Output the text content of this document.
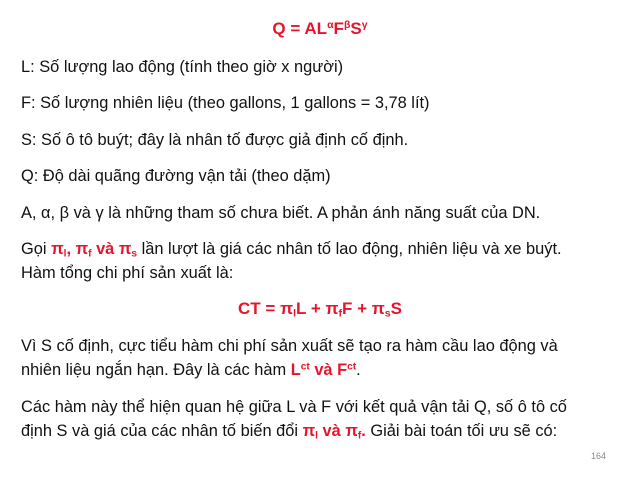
$Q = AL^\alpha F^\beta S^\gamma$
L: Số lượng lao động (tính theo giờ x người)
F: Số lượng nhiên liệu (theo gallons, 1 gallons = 3,78 lít)
S: Số ô tô buýt; đây là nhân tố được giả định cố định.
Q: Độ dài quãng đường vận tải (theo dặm)
A, α, β và γ là những tham số chưa biết. A phản ánh năng suất của DN.
Gọi $\pi_l$, $\pi_f$ và $\pi_s$ lần lượt là giá các nhân tố lao động, nhiên liệu và xe buýt.
Hàm tổng chi phí sản xuất là:
CT = $\pi_lL + \pi_fF + \pi_sS$
Vì S cố định, cực tiểu hàm chi phí sản xuất sẽ tạo ra hàm cầu lao động và
nhiên liệu ngắn hạn. Đây là các hàm $L^{ct}$ và $F^{ct}$.
Các hàm này thể hiện quan hệ giữa L và F với kết quả vận tải Q, số ô tô cố
định S và giá của các nhân tố biến đổi $\pi_l$ và $\pi_f$. Giải bài toán tối ưu sẽ có:
164
